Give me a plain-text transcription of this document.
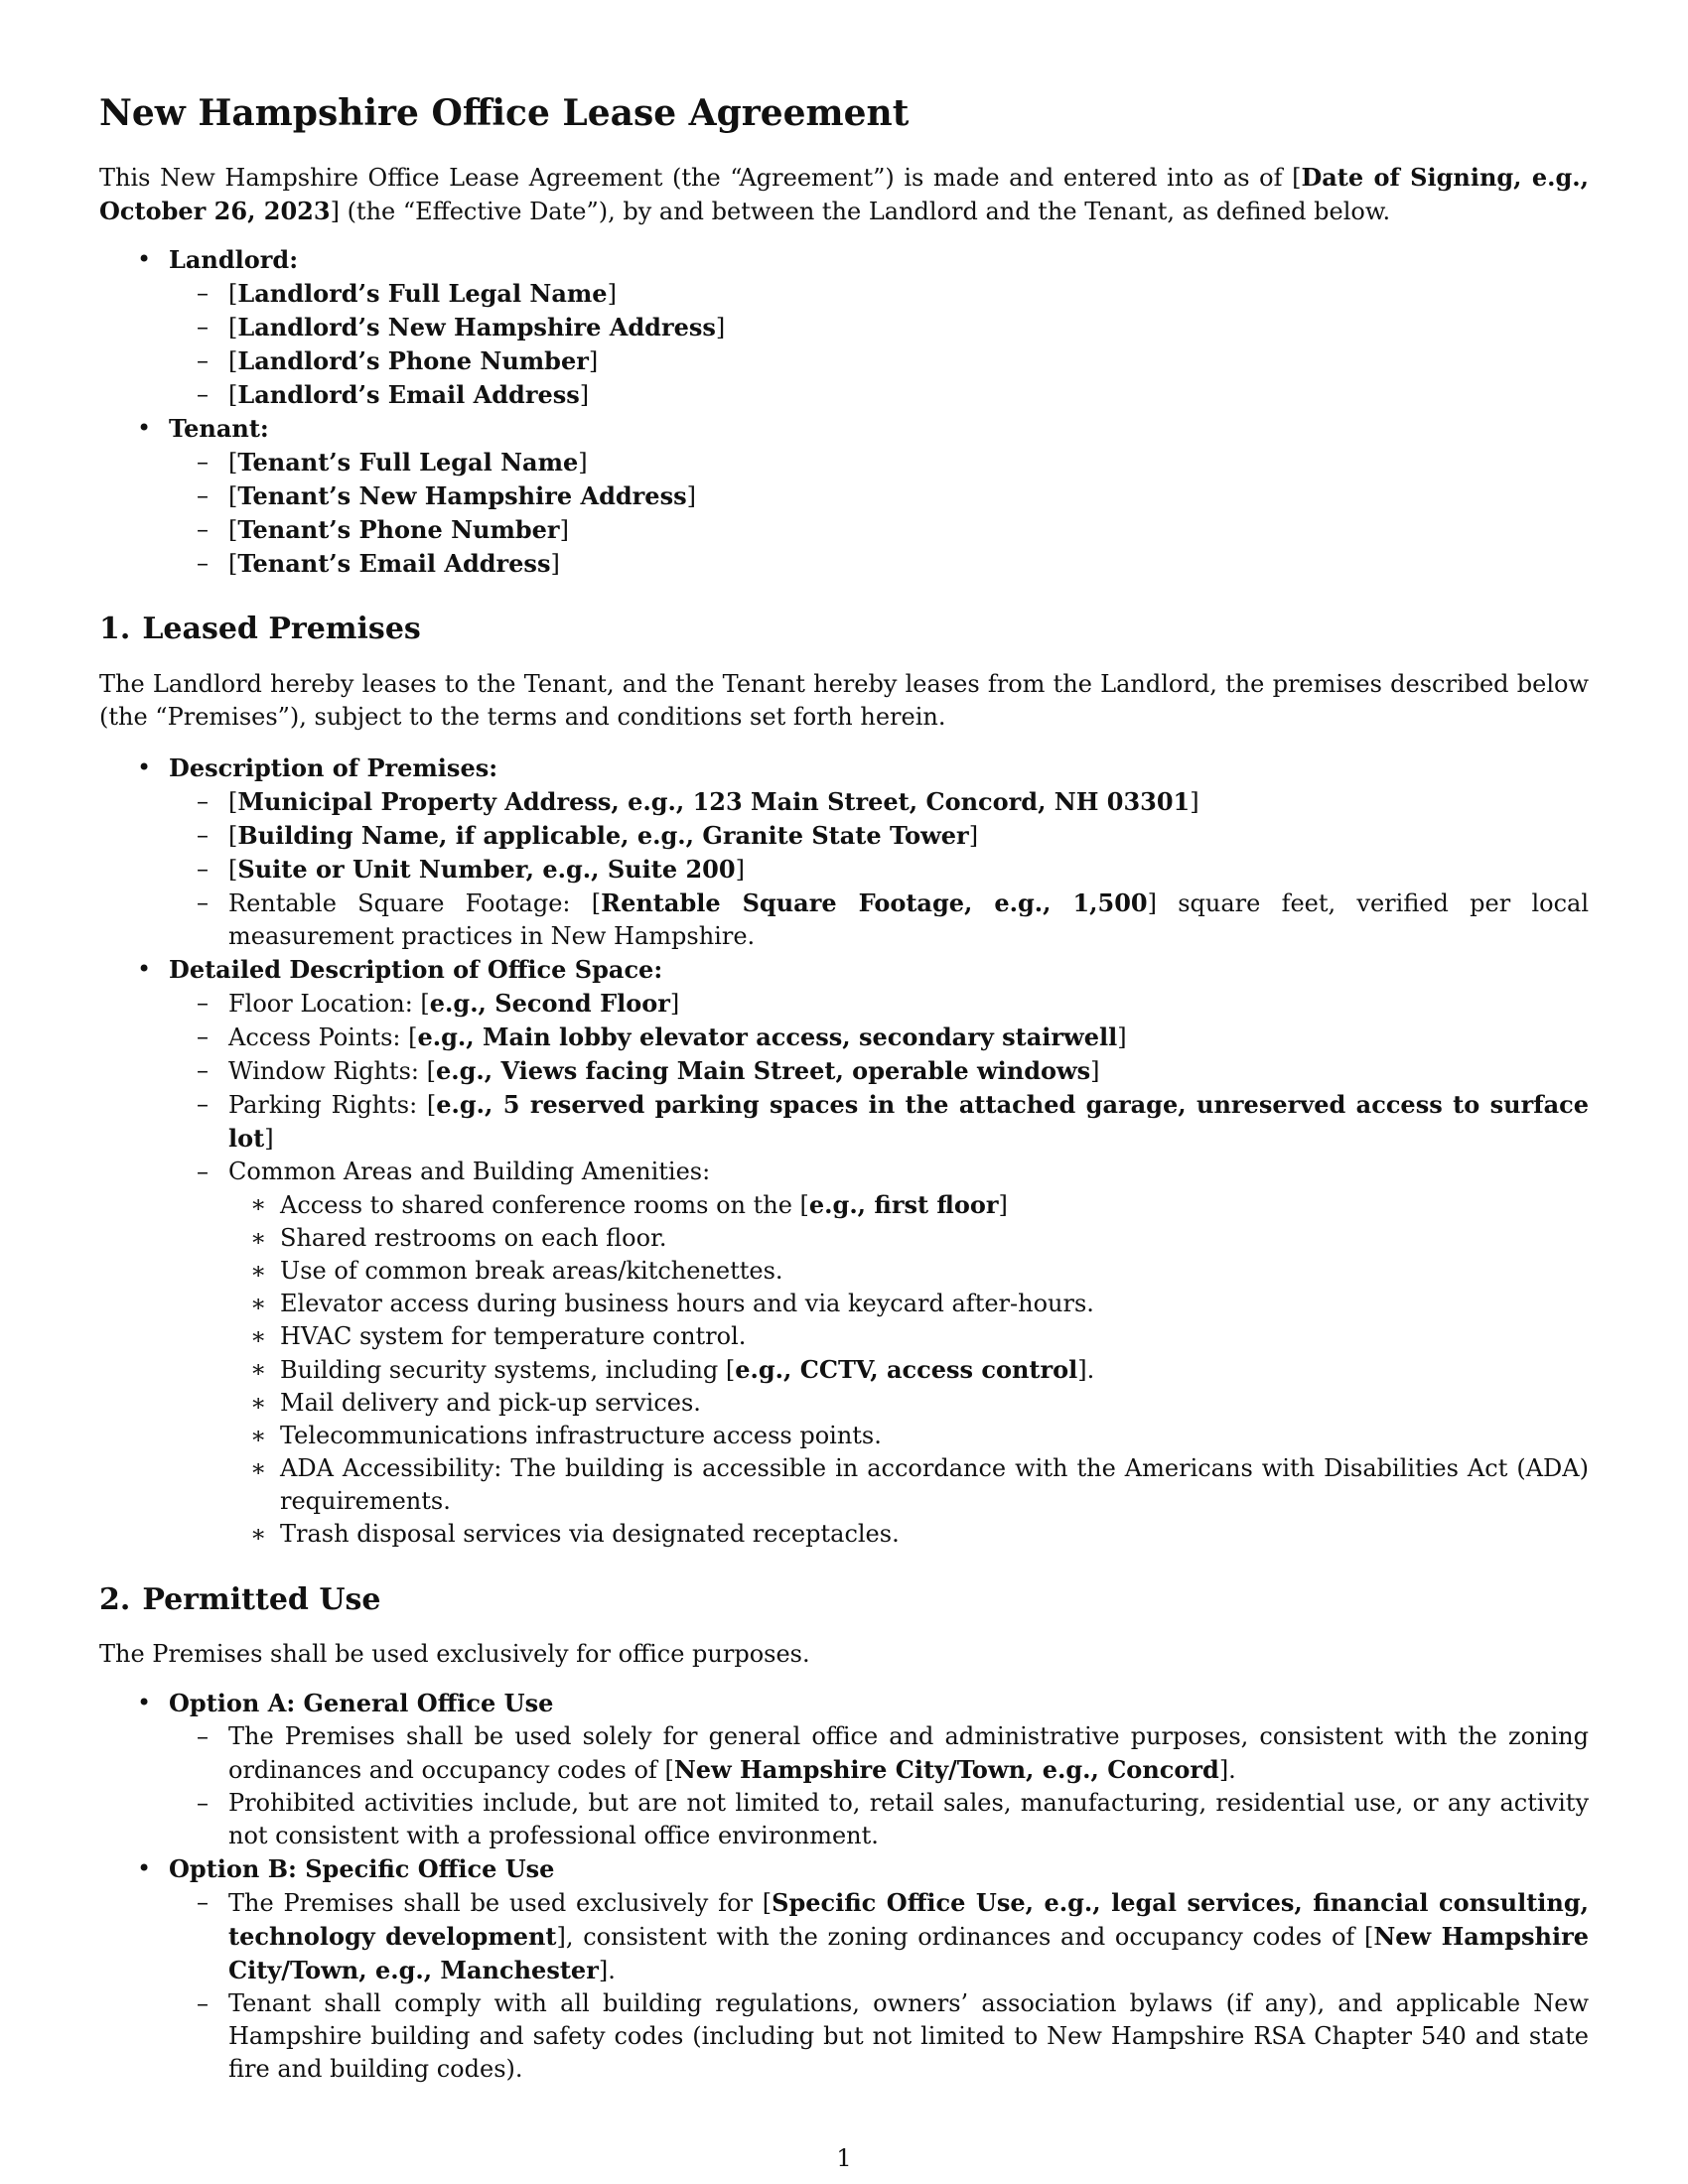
New Hampshire Office Lease Agreement

This New Hampshire Office Lease Agreement (the “Agreement”) is made and entered into as of [Date of Signing, e.g., October 26, 2023] (the “Effective Date”), by and between the Landlord and the Tenant, as defined below.

• Landlord:
– [Landlord’s Full Legal Name]
– [Landlord’s New Hampshire Address]
– [Landlord’s Phone Number]
– [Landlord’s Email Address]
• Tenant:
– [Tenant’s Full Legal Name]
– [Tenant’s New Hampshire Address]
– [Tenant’s Phone Number]
– [Tenant’s Email Address]
1. Leased Premises

The Landlord hereby leases to the Tenant, and the Tenant hereby leases from the Landlord, the premises described below (the “Premises”), subject to the terms and conditions set forth herein.

• Description of Premises:
– [Municipal Property Address, e.g., 123 Main Street, Concord, NH 03301]
– [Building Name, if applicable, e.g., Granite State Tower]
– [Suite or Unit Number, e.g., Suite 200]
– Rentable Square Footage: [Rentable Square Footage, e.g., 1,500] square feet, verified per local measurement practices in New Hampshire.
• Detailed Description of Office Space:
– Floor Location: [e.g., Second Floor]
– Access Points: [e.g., Main lobby elevator access, secondary stairwell]
– Window Rights: [e.g., Views facing Main Street, operable windows]
– Parking Rights: [e.g., 5 reserved parking spaces in the attached garage, unreserved access to surface lot]
– Common Areas and Building Amenities:
∗ Access to shared conference rooms on the [e.g., first floor]
∗ Shared restrooms on each floor.
∗ Use of common break areas/kitchenettes.
∗ Elevator access during business hours and via keycard after-hours.
∗ HVAC system for temperature control.
∗ Building security systems, including [e.g., CCTV, access control].
∗ Mail delivery and pick-up services.
∗ Telecommunications infrastructure access points.
∗ ADA Accessibility: The building is accessible in accordance with the Americans with Disabilities Act (ADA) requirements.
∗ Trash disposal services via designated receptacles.
2. Permitted Use

The Premises shall be used exclusively for office purposes.

• Option A: General Office Use
– The Premises shall be used solely for general office and administrative purposes, consistent with the zoning ordinances and occupancy codes of [New Hampshire City/Town, e.g., Concord].
– Prohibited activities include, but are not limited to, retail sales, manufacturing, residential use, or any activity not consistent with a professional office environment.
• Option B: Specific Office Use
– The Premises shall be used exclusively for [Specific Office Use, e.g., legal services, financial consulting, technology development], consistent with the zoning ordinances and occupancy codes of [New Hampshire City/Town, e.g., Manchester].
– Tenant shall comply with all building regulations, owners’ association bylaws (if any), and applicable New Hampshire building and safety codes (including but not limited to New Hampshire RSA Chapter 540 and state fire and building codes).
1
